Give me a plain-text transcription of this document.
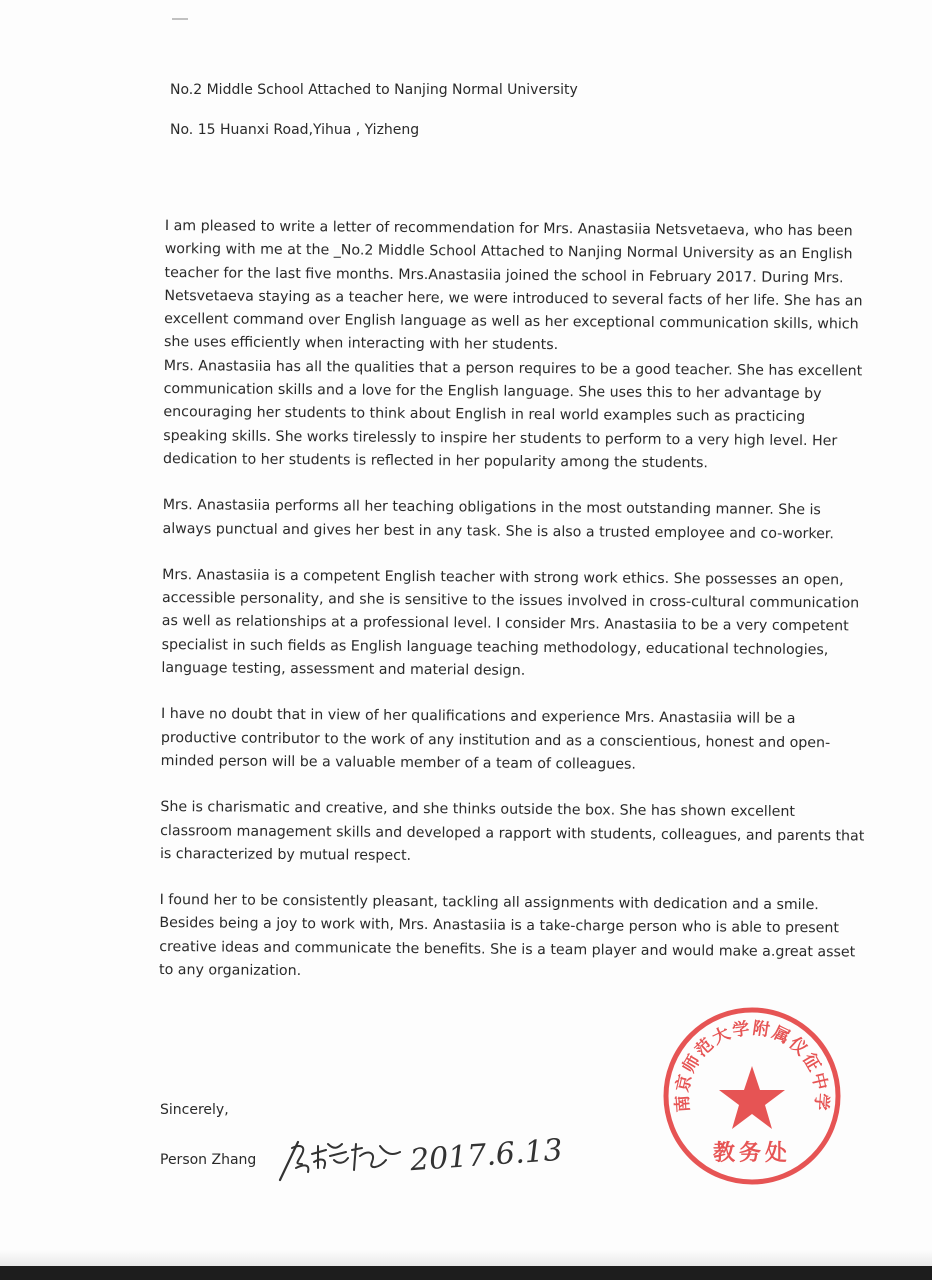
No.2 Middle School Attached to Nanjing Normal University
No. 15 Huanxi Road,Yihua , Yizheng

I am pleased to write a letter of recommendation for Mrs. Anastasiia Netsvetaeva, who has been working with me at the _No.2 Middle School Attached to Nanjing Normal University as an English teacher for the last five months. Mrs.Anastasiia joined the school in February 2017. During Mrs. Netsvetaeva staying as a teacher here, we were introduced to several facts of her life. She has an excellent command over English language as well as her exceptional communication skills, which she uses efficiently when interacting with her students.

Mrs. Anastasiia has all the qualities that a person requires to be a good teacher. She has excellent communication skills and a love for the English language. She uses this to her advantage by encouraging her students to think about English in real world examples such as practicing speaking skills. She works tirelessly to inspire her students to perform to a very high level. Her dedication to her students is reflected in her popularity among the students.

Mrs. Anastasiia performs all her teaching obligations in the most outstanding manner. She is always punctual and gives her best in any task. She is also a trusted employee and co-worker.

Mrs. Anastasiia is a competent English teacher with strong work ethics. She possesses an open, accessible personality, and she is sensitive to the issues involved in cross-cultural communication as well as relationships at a professional level. I consider Mrs. Anastasiia to be a very competent specialist in such fields as English language teaching methodology, educational technologies, language testing, assessment and material design.

I have no doubt that in view of her qualifications and experience Mrs. Anastasiia will be a productive contributor to the work of any institution and as a conscientious, honest and open-minded person will be a valuable member of a team of colleagues.

She is charismatic and creative, and she thinks outside the box. She has shown excellent classroom management skills and developed a rapport with students, colleagues, and parents that is characterized by mutual respect.

I found her to be consistently pleasant, tackling all assignments with dedication and a smile. Besides being a joy to work with, Mrs. Anastasiia is a take-charge person who is able to present creative ideas and communicate the benefits. She is a team player and would make a.great asset to any organization.

Sincerely,
Person Zhang	2017.6.13
南京师范大学附属仪征中学
教务处
